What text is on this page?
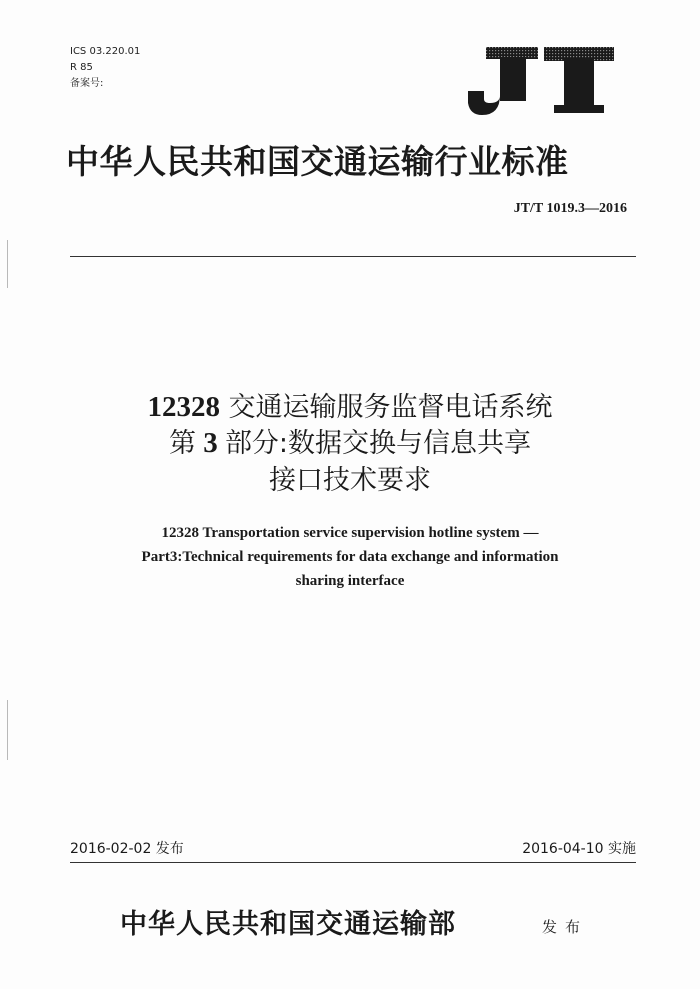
ICS 03.220.01
R 85
备案号:
中华人民共和国交通运输行业标准
JT/T 1019.3—2016
12328 交通运输服务监督电话系统
第 3 部分:数据交换与信息共享
接口技术要求
12328 Transportation service supervision hotline system —
Part3:Technical requirements for data exchange and information
sharing interface
2016-02-02 发布	2016-04-10 实施
中华人民共和国交通运输部	发布
